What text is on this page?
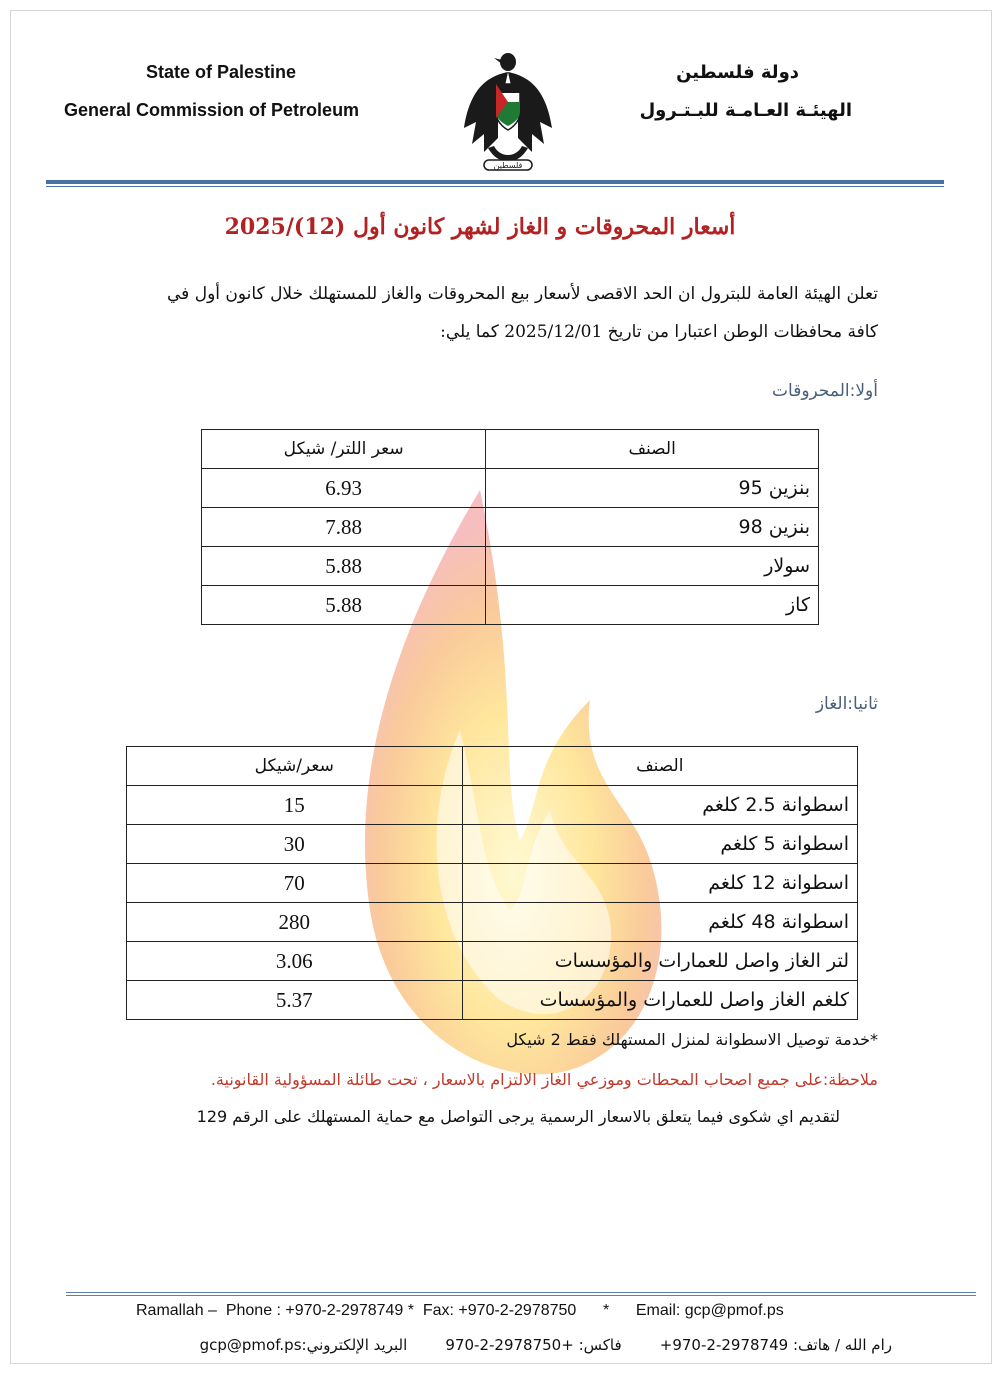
State of Palestine
General Commission of Petroleum
دولة فلسطين
الهيئـة العـامـة للبـتـرول
فلسطين
أسعار المحروقات و الغاز لشهر كانون أول (12)/2025
تعلن الهيئة العامة للبترول ان الحد الاقصى لأسعار بيع المحروقات والغاز للمستهلك خلال كانون أول في
كافة محافظات الوطن اعتبارا من تاريخ 2025/12/01 كما يلي:
أولا:المحروقات
الصنف	سعر اللتر/ شيكل
بنزين 95	6.93
بنزين 98	7.88
سولار	5.88
كاز	5.88
ثانيا:الغاز
الصنف	سعر/شيكل
اسطوانة 2.5 كلغم	15
اسطوانة 5 كلغم	30
اسطوانة 12 كلغم	70
اسطوانة 48 كلغم	280
لتر الغاز واصل للعمارات والمؤسسات	3.06
كلغم الغاز واصل للعمارات والمؤسسات	5.37
*خدمة توصيل الاسطوانة لمنزل المستهلك فقط 2 شيكل
ملاحظة:على جميع اصحاب المحطات وموزعي الغاز الالتزام بالاسعار ، تحت طائلة المسؤولية القانونية.
لتقديم اي شكوى فيما يتعلق بالاسعار الرسمية يرجى التواصل مع حماية المستهلك على الرقم 129
Ramallah –  Phone : +970-2-2978749 *  Fax: +970-2-2978750      *      Email: gcp@pmof.ps
رام الله / هاتف: 2978749-2-970+        فاكس: +2978750-2-970        البريد الإلكتروني:gcp@pmof.ps
